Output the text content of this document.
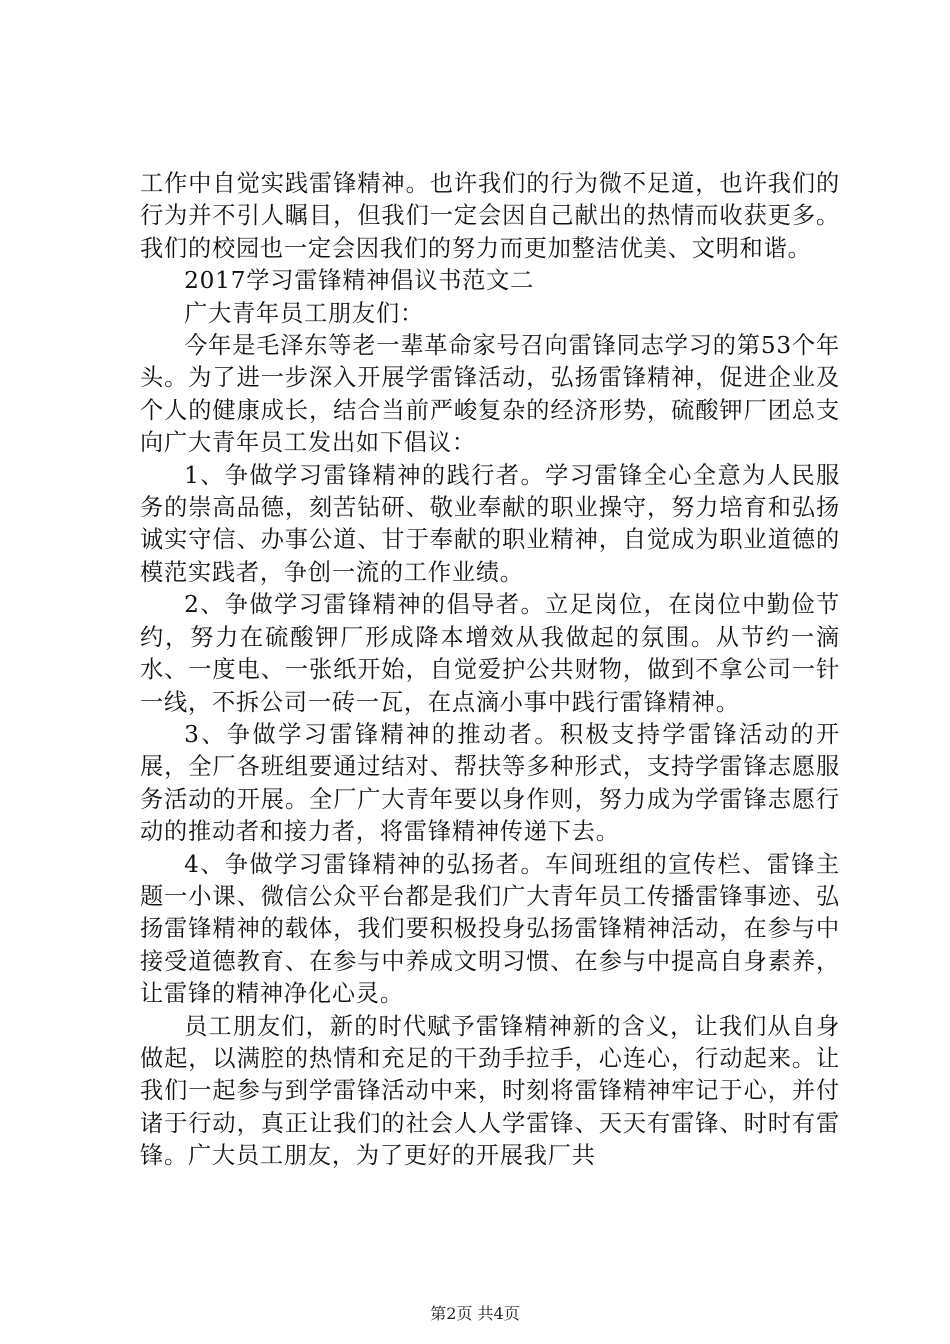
工作中自觉实践雷锋精神。也许我们的行为微不足道，也许我们的行为并不引人瞩目，但我们一定会因自己献出的热情而收获更多。我们的校园也一定会因我们的努力而更加整洁优美、文明和谐。

2017学习雷锋精神倡议书范文二

广大青年员工朋友们：

今年是毛泽东等老一辈革命家号召向雷锋同志学习的第53个年头。为了进一步深入开展学雷锋活动，弘扬雷锋精神，促进企业及个人的健康成长，结合当前严峻复杂的经济形势，硫酸钾厂团总支向广大青年员工发出如下倡议：

1、争做学习雷锋精神的践行者。学习雷锋全心全意为人民服务的崇高品德，刻苦钻研、敬业奉献的职业操守，努力培育和弘扬诚实守信、办事公道、甘于奉献的职业精神，自觉成为职业道德的模范实践者，争创一流的工作业绩。

2、争做学习雷锋精神的倡导者。立足岗位，在岗位中勤俭节约，努力在硫酸钾厂形成降本增效从我做起的氛围。从节约一滴水、一度电、一张纸开始，自觉爱护公共财物，做到不拿公司一针一线，不拆公司一砖一瓦，在点滴小事中践行雷锋精神。

3、争做学习雷锋精神的推动者。积极支持学雷锋活动的开展，全厂各班组要通过结对、帮扶等多种形式，支持学雷锋志愿服务活动的开展。全厂广大青年要以身作则，努力成为学雷锋志愿行动的推动者和接力者，将雷锋精神传递下去。

4、争做学习雷锋精神的弘扬者。车间班组的宣传栏、雷锋主题一小课、微信公众平台都是我们广大青年员工传播雷锋事迹、弘扬雷锋精神的载体，我们要积极投身弘扬雷锋精神活动，在参与中接受道德教育、在参与中养成文明习惯、在参与中提高自身素养，让雷锋的精神净化心灵。

员工朋友们，新的时代赋予雷锋精神新的含义，让我们从自身做起，以满腔的热情和充足的干劲手拉手，心连心，行动起来。让我们一起参与到学雷锋活动中来，时刻将雷锋精神牢记于心，并付诸于行动，真正让我们的社会人人学雷锋、天天有雷锋、时时有雷锋。广大员工朋友，为了更好的开展我厂共

第2页 共4页
